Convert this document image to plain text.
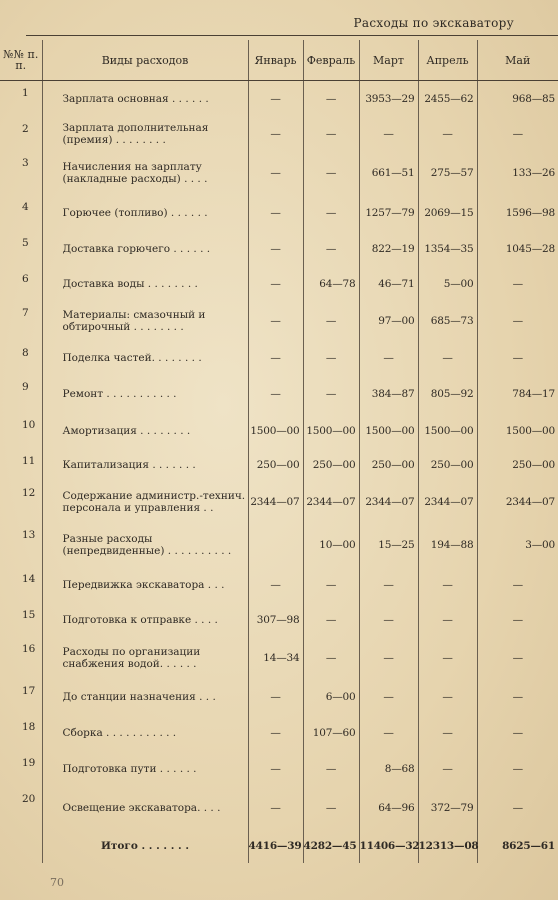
Расходы по экскаватору
№№ п. п.	Виды расходов	Январь	Февраль	Март	Апрель	Май
1	Зарплата основная . . . . . .	—	—	3953—29	2455—62	968—85
2	Зарплата дополнительная (премия) . . . . . . . .	—	—	—	—	—
3	Начисления на зарплату (накладные расходы) . . . .	—	—	661—51	275—57	133—26
4	Горючее (топливо) . . . . . .	—	—	1257—79	2069—15	1596—98
5	Доставка горючего . . . . . .	—	—	822—19	1354—35	1045—28
6	Доставка воды . . . . . . . .	—	64—78	46—71	5—00	—
7	Материалы: смазочный и обтирочный . . . . . . . .	—	—	97—00	685—73	—
8	Поделка частей. . . . . . . .	—	—	—	—	—
9	Ремонт . . . . . . . . . . .	—	—	384—87	805—92	784—17
10	Амортизация . . . . . . . .	1500—00	1500—00	1500—00	1500—00	1500—00
11	Капитализация . . . . . . .	250—00	250—00	250—00	250—00	250—00
12	Содержание администр.-технич. персонала и управления . .	2344—07	2344—07	2344—07	2344—07	2344—07
13	Разные расходы (непредвиденные) . . . . . . . . . .		10—00	15—25	194—88	3—00
14	Передвижка экскаватора . . .	—	—	—	—	—
15	Подготовка к отправке . . . .	307—98	—	—	—	—
16	Расходы по организации снабжения водой. . . . . .	14—34	—	—	—	—
17	До станции назначения . . .	—	6—00	—	—	—
18	Сборка . . . . . . . . . . .	—	107—60	—	—	—
19	Подготовка пути . . . . . .	—	—	8—68	—	—
20	Освещение экскаватора. . . .	—	—	64—96	372—79	—
	Итого . . . . . . .	4416—39	4282—45	11406—32	12313—08	8625—61
70
